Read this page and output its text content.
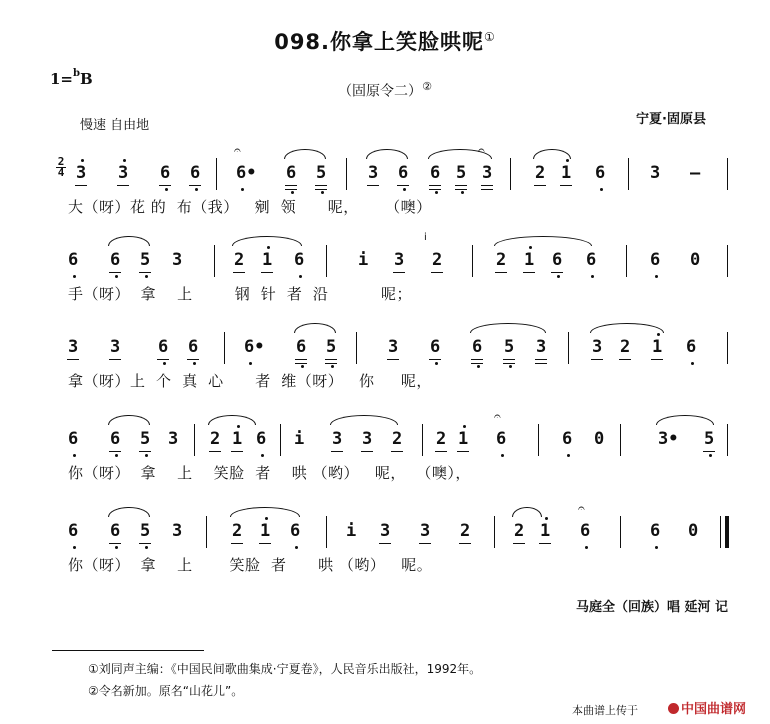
098.你拿上笑脸哄呢①
1=$^b$B
（固原令二）②
慢速 自由地	宁夏·固原县
2
4 3 3 6 6
𝄐
6• 6 5 3 6 6 5
𝄐
3	2 1 6	3 —
大（呀）花 的  布（我）   剜  领      呢，     （噢）
6 6 5 3	2 1 6	i 3 2
ⅰ
2 1 6 6	6 0
手（呀）  拿    上        钢  针  者  沿          呢；
3 3 6 6	6• 6 5	3 6 6 5 3	3 2 1 6
拿（呀）上  个  真  心      者  维（呀）   你     呢，
6 6 5 3 2 1 6 i 3 3 2 2 1
𝄐
6	6 0	3• 5
你（呀）  拿    上    笑脸  者    哄 （哟）   呢，  （噢），
6 6 5 3	2 1 6	i 3 3 2	2 1
𝄐
6	6 0
你（呀）  拿    上       笑脸  者      哄 （哟）   呢。
马庭全（回族）唱 延河 记
①刘同声主编：《中国民间歌曲集成·宁夏卷》，人民音乐出版社，1992年。
②令名新加。原名“山花儿”。
本曲谱上传于	中国曲谱网
